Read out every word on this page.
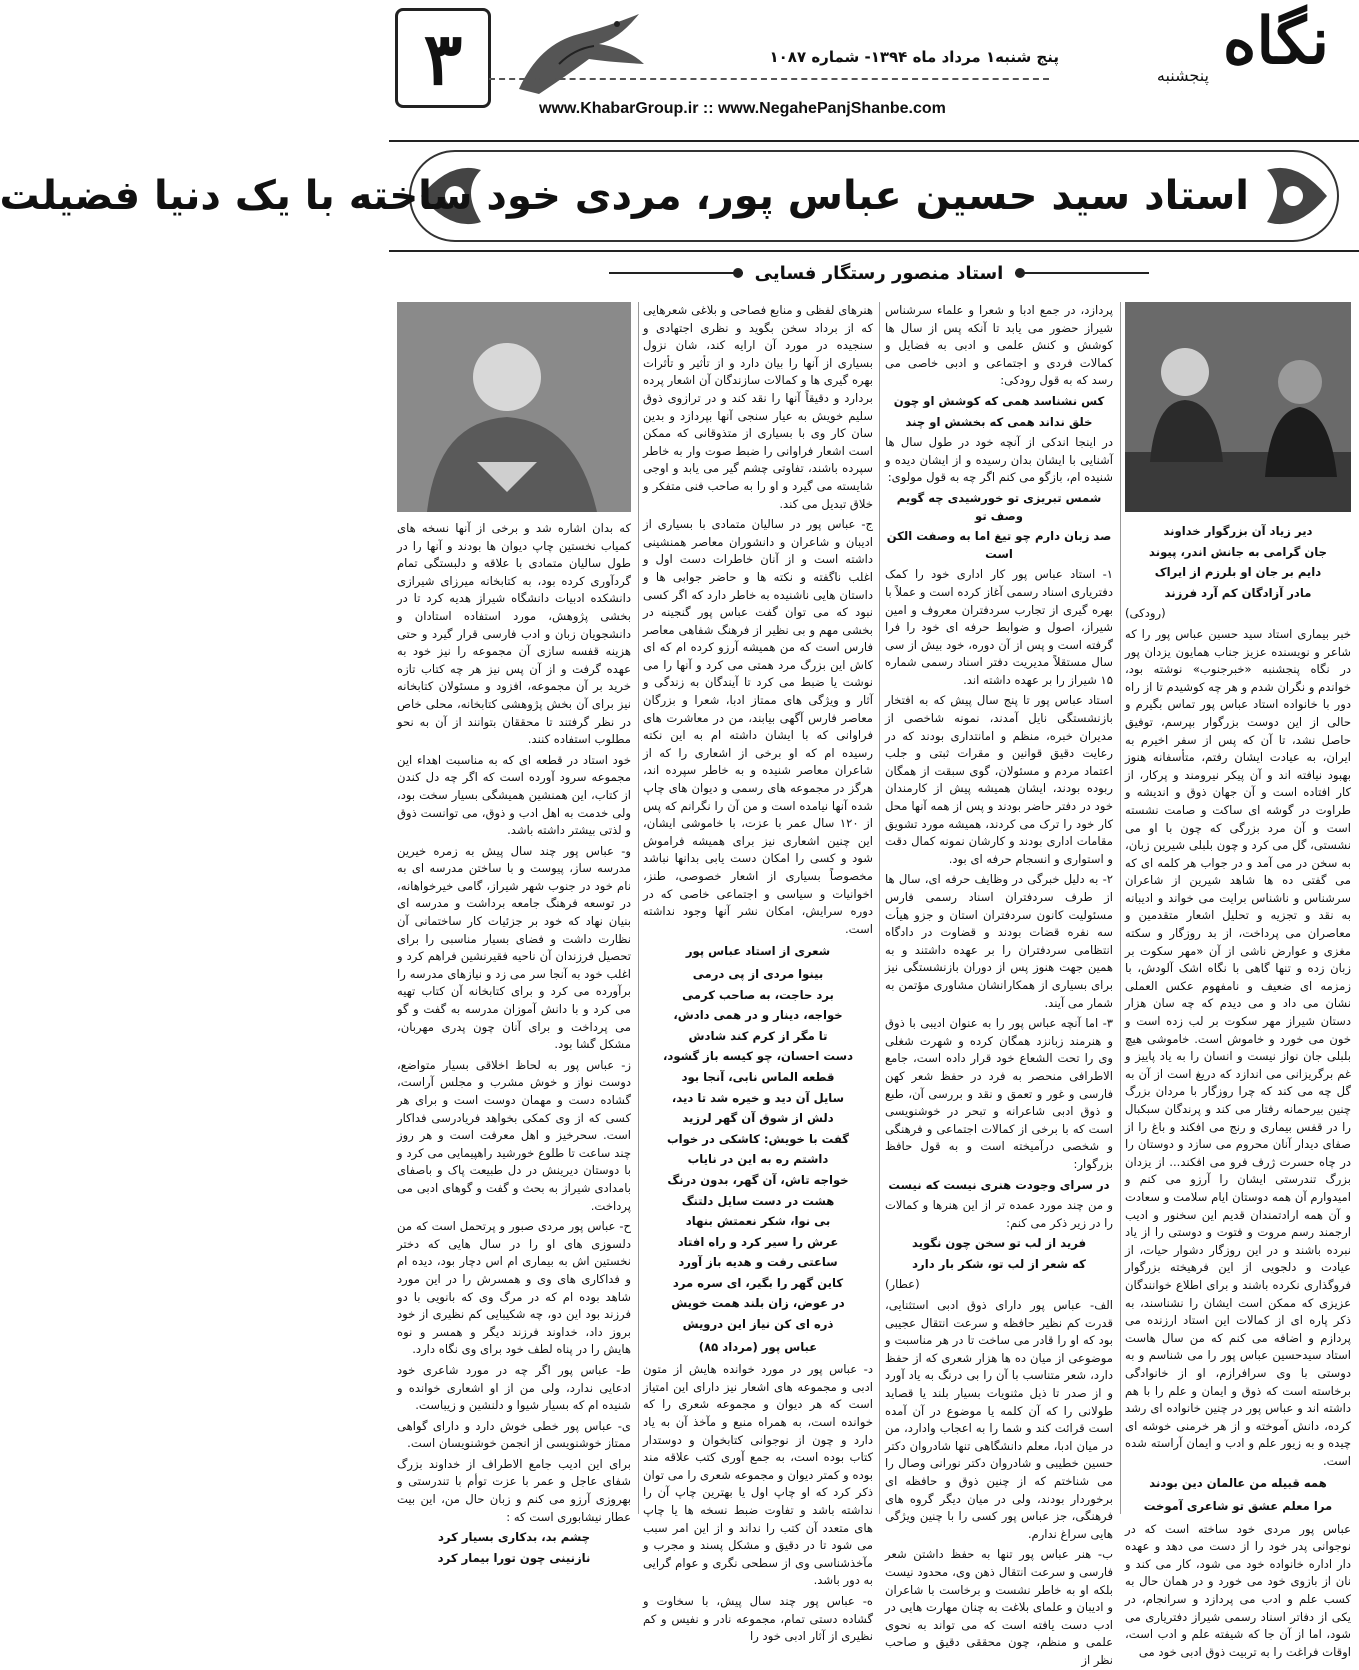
۳	پنج شنبه۱ مرداد ماه ۱۳۹۴- شماره ۱۰۸۷
www.KhabarGroup.ir :: www.NegahePanjShanbe.com
نگاه
پنجشنبه
استاد سید حسین عباس پور، مردی خود ساخته با یک دنیا فضیلت
استاد منصور رستگار فسایی

دیر زیاد آن بزرگوار خداوند

جان گرامی به جانش اندر، پیوند

دایم بر جان او بلرزم از ایراک

مادر آزادگان کم آرد فرزند

(رودکی)

خبر بیماری استاد سید حسین عباس پور را که شاعر و نویسنده عزیز جناب همایون یزدان پور در نگاه پنجشنبه «خبرجنوب» نوشته بود، خواندم و نگران شدم و هر چه کوشیدم تا از راه دور با خانواده استاد عباس پور تماس بگیرم و حالی از این دوست بزرگوار بپرسم، توفیق حاصل نشد، تا آن که پس از سفر اخیرم به ایران، به عیادت ایشان رفتم، متأسفانه هنوز بهبود نیافته اند و آن پیکر نیرومند و پرکار، از کار افتاده است و آن جهان ذوق و اندیشه و طراوت در گوشه ای ساکت و صامت نشسته است و آن مرد بزرگی که چون با او می نشستی، گل می کرد و چون بلبلی شیرین زبان، به سخن در می آمد و در جواب هر کلمه ای که می گفتی ده ها شاهد شیرین از شاعران سرشناس و ناشناس برایت می خواند و ادیبانه به نقد و تجزیه و تحلیل اشعار متقدمین و معاصران می پرداخت، از بد روزگار و سکته مغزی و عوارض ناشی از آن «مهر سکوت بر زبان زده و تنها گاهی با نگاه اشک آلودش، با زمزمه ای ضعیف و نامفهوم عکس العملی نشان می داد و می دیدم که چه سان هزار دستان شیراز مهر سکوت بر لب زده است و خون می خورد و خاموش است. خاموشی هیچ بلبلی جان نواز نیست و انسان را به یاد پاییز و غم برگریزانی می اندازد که دریغ است از آن به گل چه می کند که چرا روزگار با مردان بزرگ چنین بیرحمانه رفتار می کند و پرندگان سبکبال را در قفس بیماری و رنج می افکند و باغ را از صفای دیدار آنان محروم می سازد و دوستان را در چاه حسرت ژرف فرو می افکند... از یزدان بزرگ تندرستی ایشان را آرزو می کنم و امیدوارم آن همه دوستان ایام سلامت و سعادت و آن همه ارادتمندان قدیم این سخنور و ادیب ارجمند رسم مروت و فتوت و دوستی را از یاد نبرده باشند و در این روزگار دشوار حیات، از عیادت و دلجویی از این فرهیخته بزرگوار فروگذاری نکرده باشند و برای اطلاع خوانندگان عزیزی که ممکن است ایشان را نشناسند، به ذکر پاره ای از کمالات این استاد ارزنده می پردازم و اضافه می کنم که من سال هاست استاد سیدحسین عباس پور را می شناسم و به دوستی با وی سرافرازم، او از خانوادگی برخاسته است که ذوق و ایمان و علم را با هم داشته اند و عباس پور در چنین خانواده ای رشد کرده، دانش آموخته و از هر خرمنی خوشه ای چیده و به زیور علم و ادب و ایمان آراسته شده است.

همه قبیله من عالمان دین بودند

مرا معلم عشق تو شاعری آموخت

عباس پور مردی خود ساخته است که در نوجوانی پدر خود را از دست می دهد و عهده دار اداره خانواده خود می شود، کار می کند و نان از بازوی خود می خورد و در همان حال به کسب علم و ادب می پردازد و سرانجام، در یکی از دفاتر اسناد رسمی شیراز دفتریاری می شود، اما از آن جا که شیفته علم و ادب است، اوقات فراغت را به تربیت ذوق ادبی خود می

پردازد، در جمع ادبا و شعرا و علماء سرشناس شیراز حضور می یابد تا آنکه پس از سال ها کوشش و کنش علمی و ادبی به فضایل و کمالات فردی و اجتماعی و ادبی خاصی می رسد که به قول رودکی:

کس نشناسد همی که کوشش او چون

خلق نداند همی که بخشش او چند

در اینجا اندکی از آنچه خود در طول سال ها آشنایی با ایشان بدان رسیده و از ایشان دیده و شنیده ام، بازگو می کنم اگر چه به قول مولوی:

شمس تبریزی تو خورشیدی چه گویم وصف تو

صد زبان دارم چو تیغ اما به وصفت الکن است

۱- استاد عباس پور کار اداری خود را کمک دفتریاری اسناد رسمی آغاز کرده است و عملاً با بهره گیری از تجارب سردفتران معروف و امین شیراز، اصول و ضوابط حرفه ای خود را فرا گرفته است و پس از آن دوره، خود بیش از سی سال مستقلاً مدیریت دفتر اسناد رسمی شماره ۱۵ شیراز را بر عهده داشته اند.

استاد عباس پور تا پنج سال پیش که به افتخار بازنشستگی نایل آمدند، نمونه شاخصی از مدیران خبره، منظم و امانتداری بودند که در رعایت دقیق قوانین و مقرات ثبتی و جلب اعتماد مردم و مسئولان، گوی سبقت از همگان ربوده بودند، ایشان همیشه پیش از کارمندان خود در دفتر حاضر بودند و پس از همه آنها محل کار خود را ترک می کردند، همیشه مورد تشویق مقامات اداری بودند و کارشان نمونه کمال دقت و استواری و انسجام حرفه ای بود.

۲- به دلیل خبرگی در وظایف حرفه ای، سال ها از طرف سردفتران اسناد رسمی فارس مسئولیت کانون سردفتران استان و جزو هیأت سه نفره قضات بودند و قضاوت در دادگاه انتظامی سردفتران را بر عهده داشتند و به همین جهت هنوز پس از دوران بازنشستگی نیز برای بسیاری از همکارانشان مشاوری مؤتمن به شمار می آیند.

۳- اما آنچه عباس پور را به عنوان ادیبی با ذوق و هنرمند زبانزد همگان کرده و شهرت شغلی وی را تحت الشعاع خود قرار داده است، جامع الاطرافی منحصر به فرد در حفظ شعر کهن فارسی و غور و تعمق و نقد و بررسی آن، طبع و ذوق ادبی شاعرانه و تبحر در خوشنویسی است که با برخی از کمالات اجتماعی و فرهنگی و شخصی درآمیخته است و به قول حافظ بزرگوار:

در سرای وجودت هنری نیست که نیست

و من چند مورد عمده تر از این هنرها و کمالات را در زیر ذکر می کنم:

فرید از لب تو سخن چون نگوید

که شعر از لب تو، شکر بار دارد

(عطار)

الف- عباس پور دارای ذوق ادبی استثنایی، قدرت کم نظیر حافظه و سرعت انتقال عجیبی بود که او را قادر می ساخت تا در هر مناسبت و موضوعی از میان ده ها هزار شعری که از حفظ دارد، شعر متناسب با آن را بی درنگ به یاد آورد و از صدر تا ذیل مثنویات بسیار بلند یا قصاید طولانی را که آن کلمه یا موضوع در آن آمده است قرائت کند و شما را به اعجاب وادارد، من در میان ادبا، معلم دانشگاهی تنها شادروان دکتر حسین خطیبی و شادروان دکتر نورانی وصال را می شناختم که از چنین ذوق و حافظه ای برخوردار بودند، ولی در میان دیگر گروه های فرهنگی، جز عباس پور کسی را با چنین ویژگی هایی سراغ ندارم.

ب- هنر عباس پور تنها به حفظ داشتن شعر فارسی و سرعت انتقال ذهن وی، محدود نیست بلکه او به خاطر نشست و برخاست با شاعران و ادیبان و علمای بلاغت به چنان مهارت هایی در ادب دست یافته است که می تواند به نحوی علمی و منظم، چون محققی دقیق و صاحب نظر از

هنرهای لفظی و منابع فصاحی و بلاغی شعرهایی که از برداد سخن بگوید و نظری اجتهادی و سنجیده در مورد آن ارایه کند، شان نزول بسیاری از آنها را بیان دارد و از تأثیر و تأثرات بهره گیری ها و کمالات سازندگان آن اشعار پرده بردارد و دقیقاً آنها را نقد کند و در ترازوی ذوق سلیم خویش به عیار سنجی آنها بپردازد و بدین سان کار وی با بسیاری از متذوقانی که ممکن است اشعار فراوانی را ضبط صوت وار به خاطر سپرده باشند، تفاوتی چشم گیر می یابد و اوجی شایسته می گیرد و او را به صاحب فنی متفکر و خلاق تبدیل می کند.

ج- عباس پور در سالیان متمادی با بسیاری از ادیبان و شاعران و دانشوران معاصر همنشینی داشته است و از آنان خاطرات دست اول و اغلب ناگفته و نکته ها و حاضر جوابی ها و داستان هایی ناشنیده به خاطر دارد که اگر کسی نبود که می توان گفت عباس پور گنجینه در بخشی مهم و بی نظیر از فرهنگ شفاهی معاصر فارس است که من همیشه آرزو کرده ام که ای کاش این بزرگ مرد همتی می کرد و آنها را می نوشت یا ضبط می کرد تا آیندگان به زندگی و آثار و ویژگی های ممتاز ادبا، شعرا و بزرگان معاصر فارس آگهی بیابند، من در معاشرت های فراوانی که با ایشان داشته ام به این نکته رسیده ام که او برخی از اشعاری را که از شاعران معاصر شنیده و به خاطر سپرده اند، هرگز در مجموعه های رسمی و دیوان های چاپ شده آنها نیامده است و من آن را نگرانم که پس از ۱۲۰ سال عمر با عزت، با خاموشی ایشان، این چنین اشعاری نیز برای همیشه فراموش شود و کسی را امکان دست یابی بدانها نباشد مخصوصاً بسیاری از اشعار خصوصی، طنز، اخوانیات و سیاسی و اجتماعی خاصی که در دوره سرایش، امکان نشر آنها وجود نداشته است.

شعری از استاد عباس پور

بینوا مردی از پی درمی

برد حاجت، به صاحب کرمی

خواجه، دینار و در همی دادش،

تا مگر از کرم کند شادش

دست احسان، چو کیسه باز گشود،

قطعه الماس نابی، آنجا بود

سایل آن دید و خیره شد تا دید،

دلش از شوق آن گهر لرزید

گفت با خویش: کاشکی در خواب

داشتم ره به این در نایاب

خواجه تاش، آن گهر، بدون درنگ

هشت در دست سایل دلتنگ

بی نوا، شکر نعمتش بنهاد

عرش را سیر کرد و راه افتاد

ساعتی رفت و هدیه باز آورد

کاین گهر را بگیر، ای سره مرد

در عوض، زان بلند همت خویش

ذره ای کن نیاز این درویش

عباس پور (مرداد ۸۵)

د- عباس پور در مورد خوانده هایش از متون ادبی و مجموعه های اشعار نیز دارای این امتیاز است که هر دیوان و مجموعه شعری را که خوانده است، به همراه منبع و مآخذ آن به یاد دارد و چون از نوجوانی کتابخوان و دوستدار کتاب بوده است، به جمع آوری کتب علاقه مند بوده و کمتر دیوان و مجموعه شعری را می توان ذکر کرد که او چاپ اول یا بهترین چاپ آن را نداشته باشد و تفاوت ضبط نسخه ها یا چاپ های متعدد آن کتب را نداند و از این امر سبب می شود تا در دقیق و مشکل پسند و مجرب و مآخذشناسی وی از سطحی نگری و عوام گرایی به دور باشد.

ه- عباس پور چند سال پیش، با سخاوت و گشاده دستی تمام، مجموعه نادر و نفیس و کم نظیری از آثار ادبی خود را

که بدان اشاره شد و برخی از آنها نسخه های کمیاب نخستین چاپ دیوان ها بودند و آنها را در طول سالیان متمادی با علاقه و دلبستگی تمام گردآوری کرده بود، به کتابخانه میرزای شیرازی دانشکده ادبیات دانشگاه شیراز هدیه کرد تا در بخشی پژوهش، مورد استفاده استادان و دانشجویان زبان و ادب فارسی قرار گیرد و حتی هزینه قفسه سازی آن مجموعه را نیز خود به عهده گرفت و از آن پس نیز هر چه کتاب تازه خرید بر آن مجموعه، افزود و مسئولان کتابخانه نیز برای آن بخش پژوهشی کتابخانه، محلی خاص در نظر گرفتند تا محققان بتوانند از آن به نحو مطلوب استفاده کنند.

خود استاد در قطعه ای که به مناسبت اهداء این مجموعه سرود آورده است که اگر چه دل کندن از کتاب، این همنشین همیشگی بسیار سخت بود، ولی خدمت به اهل ادب و ذوق، می توانست ذوق و لذتی بیشتر داشته باشد.

و- عباس پور چند سال پیش به زمره خیرین مدرسه ساز، پیوست و با ساختن مدرسه ای به نام خود در جنوب شهر شیراز، گامی خیرخواهانه، در توسعه فرهنگ جامعه برداشت و مدرسه ای بنیان نهاد که خود بر جزئیات کار ساختمانی آن نظارت داشت و فضای بسیار مناسبی را برای تحصیل فرزندان آن ناحیه فقیرنشین فراهم کرد و اغلب خود به آنجا سر می زد و نیازهای مدرسه را برآورده می کرد و برای کتابخانه آن کتاب تهیه می کرد و با دانش آموزان مدرسه به گفت و گو می پرداخت و برای آنان چون پدری مهربان، مشکل گشا بود.

ز- عباس پور به لحاظ اخلاقی بسیار متواضع، دوست نواز و خوش مشرب و مجلس آراست، گشاده دست و مهمان دوست است و برای هر کسی که از وی کمکی بخواهد فریادرسی فداکار است. سحرخیز و اهل معرفت است و هر روز چند ساعت تا طلوع خورشید راهپیمایی می کرد و با دوستان دیرینش در دل طبیعت پاک و باصفای بامدادی شیراز به بحث و گفت و گوهای ادبی می پرداخت.

ح- عباس پور مردی صبور و پرتحمل است که من دلسوزی های او را در سال هایی که دختر نخستین اش به بیماری ام اس دچار بود، دیده ام و فداکاری های وی و همسرش را در این مورد شاهد بوده ام که در مرگ وی که بانویی با دو فرزند بود این دو، چه شکیبایی کم نظیری از خود بروز داد، خداوند فرزند دیگر و همسر و نوه هایش را در پناه لطف خود برای وی نگاه دارد.

ط- عباس پور اگر چه در مورد شاعری خود ادعایی ندارد، ولی من از او اشعاری خوانده و شنیده ام که بسیار شیوا و دلنشین و زیباست.

ی- عباس پور خطی خوش دارد و دارای گواهی ممتاز خوشنویسی از انجمن خوشنویسان است.

برای این ادیب جامع الاطراف از خداوند بزرگ شفای عاجل و عمر با عزت توأم با تندرستی و بهروزی آرزو می کنم و زبان حال من، این بیت عطار نیشابوری است که :

چشم بد، بدکاری بسیار کرد

نازنینی چون تورا بیمار کرد
